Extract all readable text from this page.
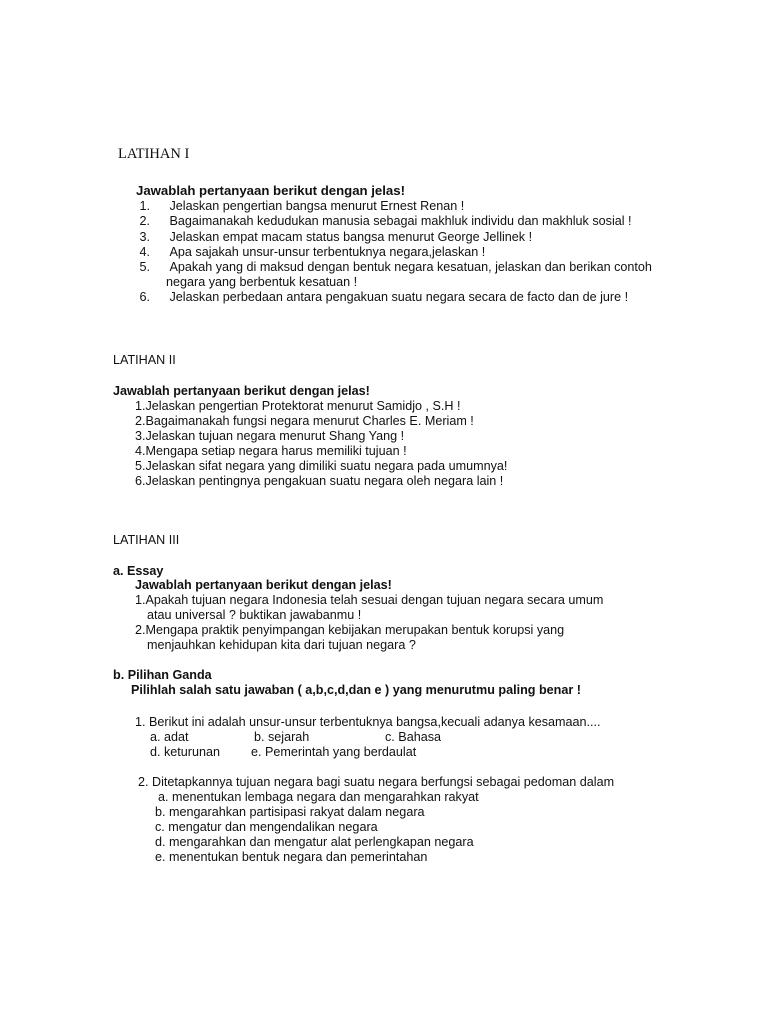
LATIHAN I
Jawablah pertanyaan berikut dengan jelas!
1. Jelaskan pengertian bangsa menurut Ernest Renan !
2. Bagaimanakah kedudukan manusia sebagai makhluk individu dan makhluk sosial !
3. Jelaskan empat macam status bangsa menurut George Jellinek !
4. Apa sajakah unsur-unsur terbentuknya negara,jelaskan !
5. Apakah yang di maksud dengan bentuk negara kesatuan, jelaskan dan berikan contoh
negara yang berbentuk kesatuan !
6. Jelaskan perbedaan antara pengakuan suatu negara secara de facto dan de jure !
LATIHAN II
Jawablah pertanyaan berikut dengan jelas!
1.Jelaskan pengertian Protektorat menurut Samidjo , S.H !
2.Bagaimanakah fungsi negara menurut Charles E. Meriam !
3.Jelaskan tujuan negara menurut Shang Yang !
4.Mengapa setiap negara harus memiliki tujuan !
5.Jelaskan sifat negara yang dimiliki suatu negara pada umumnya!
6.Jelaskan pentingnya pengakuan suatu negara oleh negara lain !
LATIHAN III
a. Essay
Jawablah pertanyaan berikut dengan jelas!
1.Apakah tujuan negara Indonesia telah sesuai dengan tujuan negara secara umum
atau universal ? buktikan jawabanmu !
2.Mengapa praktik penyimpangan kebijakan merupakan bentuk korupsi yang
menjauhkan kehidupan kita dari tujuan negara ?
b. Pilihan Ganda
Pilihlah salah satu jawaban ( a,b,c,d,dan e ) yang menurutmu paling benar !
1. Berikut ini adalah unsur-unsur terbentuknya bangsa,kecuali adanya kesamaan....
a. adat	b. sejarah	c. Bahasa
d. keturunan e. Pemerintah yang berdaulat
2. Ditetapkannya tujuan negara bagi suatu negara berfungsi sebagai pedoman dalam
a. menentukan lembaga negara dan mengarahkan rakyat
b. mengarahkan partisipasi rakyat dalam negara
c. mengatur dan mengendalikan negara
d. mengarahkan dan mengatur alat perlengkapan negara
e. menentukan bentuk negara dan pemerintahan
